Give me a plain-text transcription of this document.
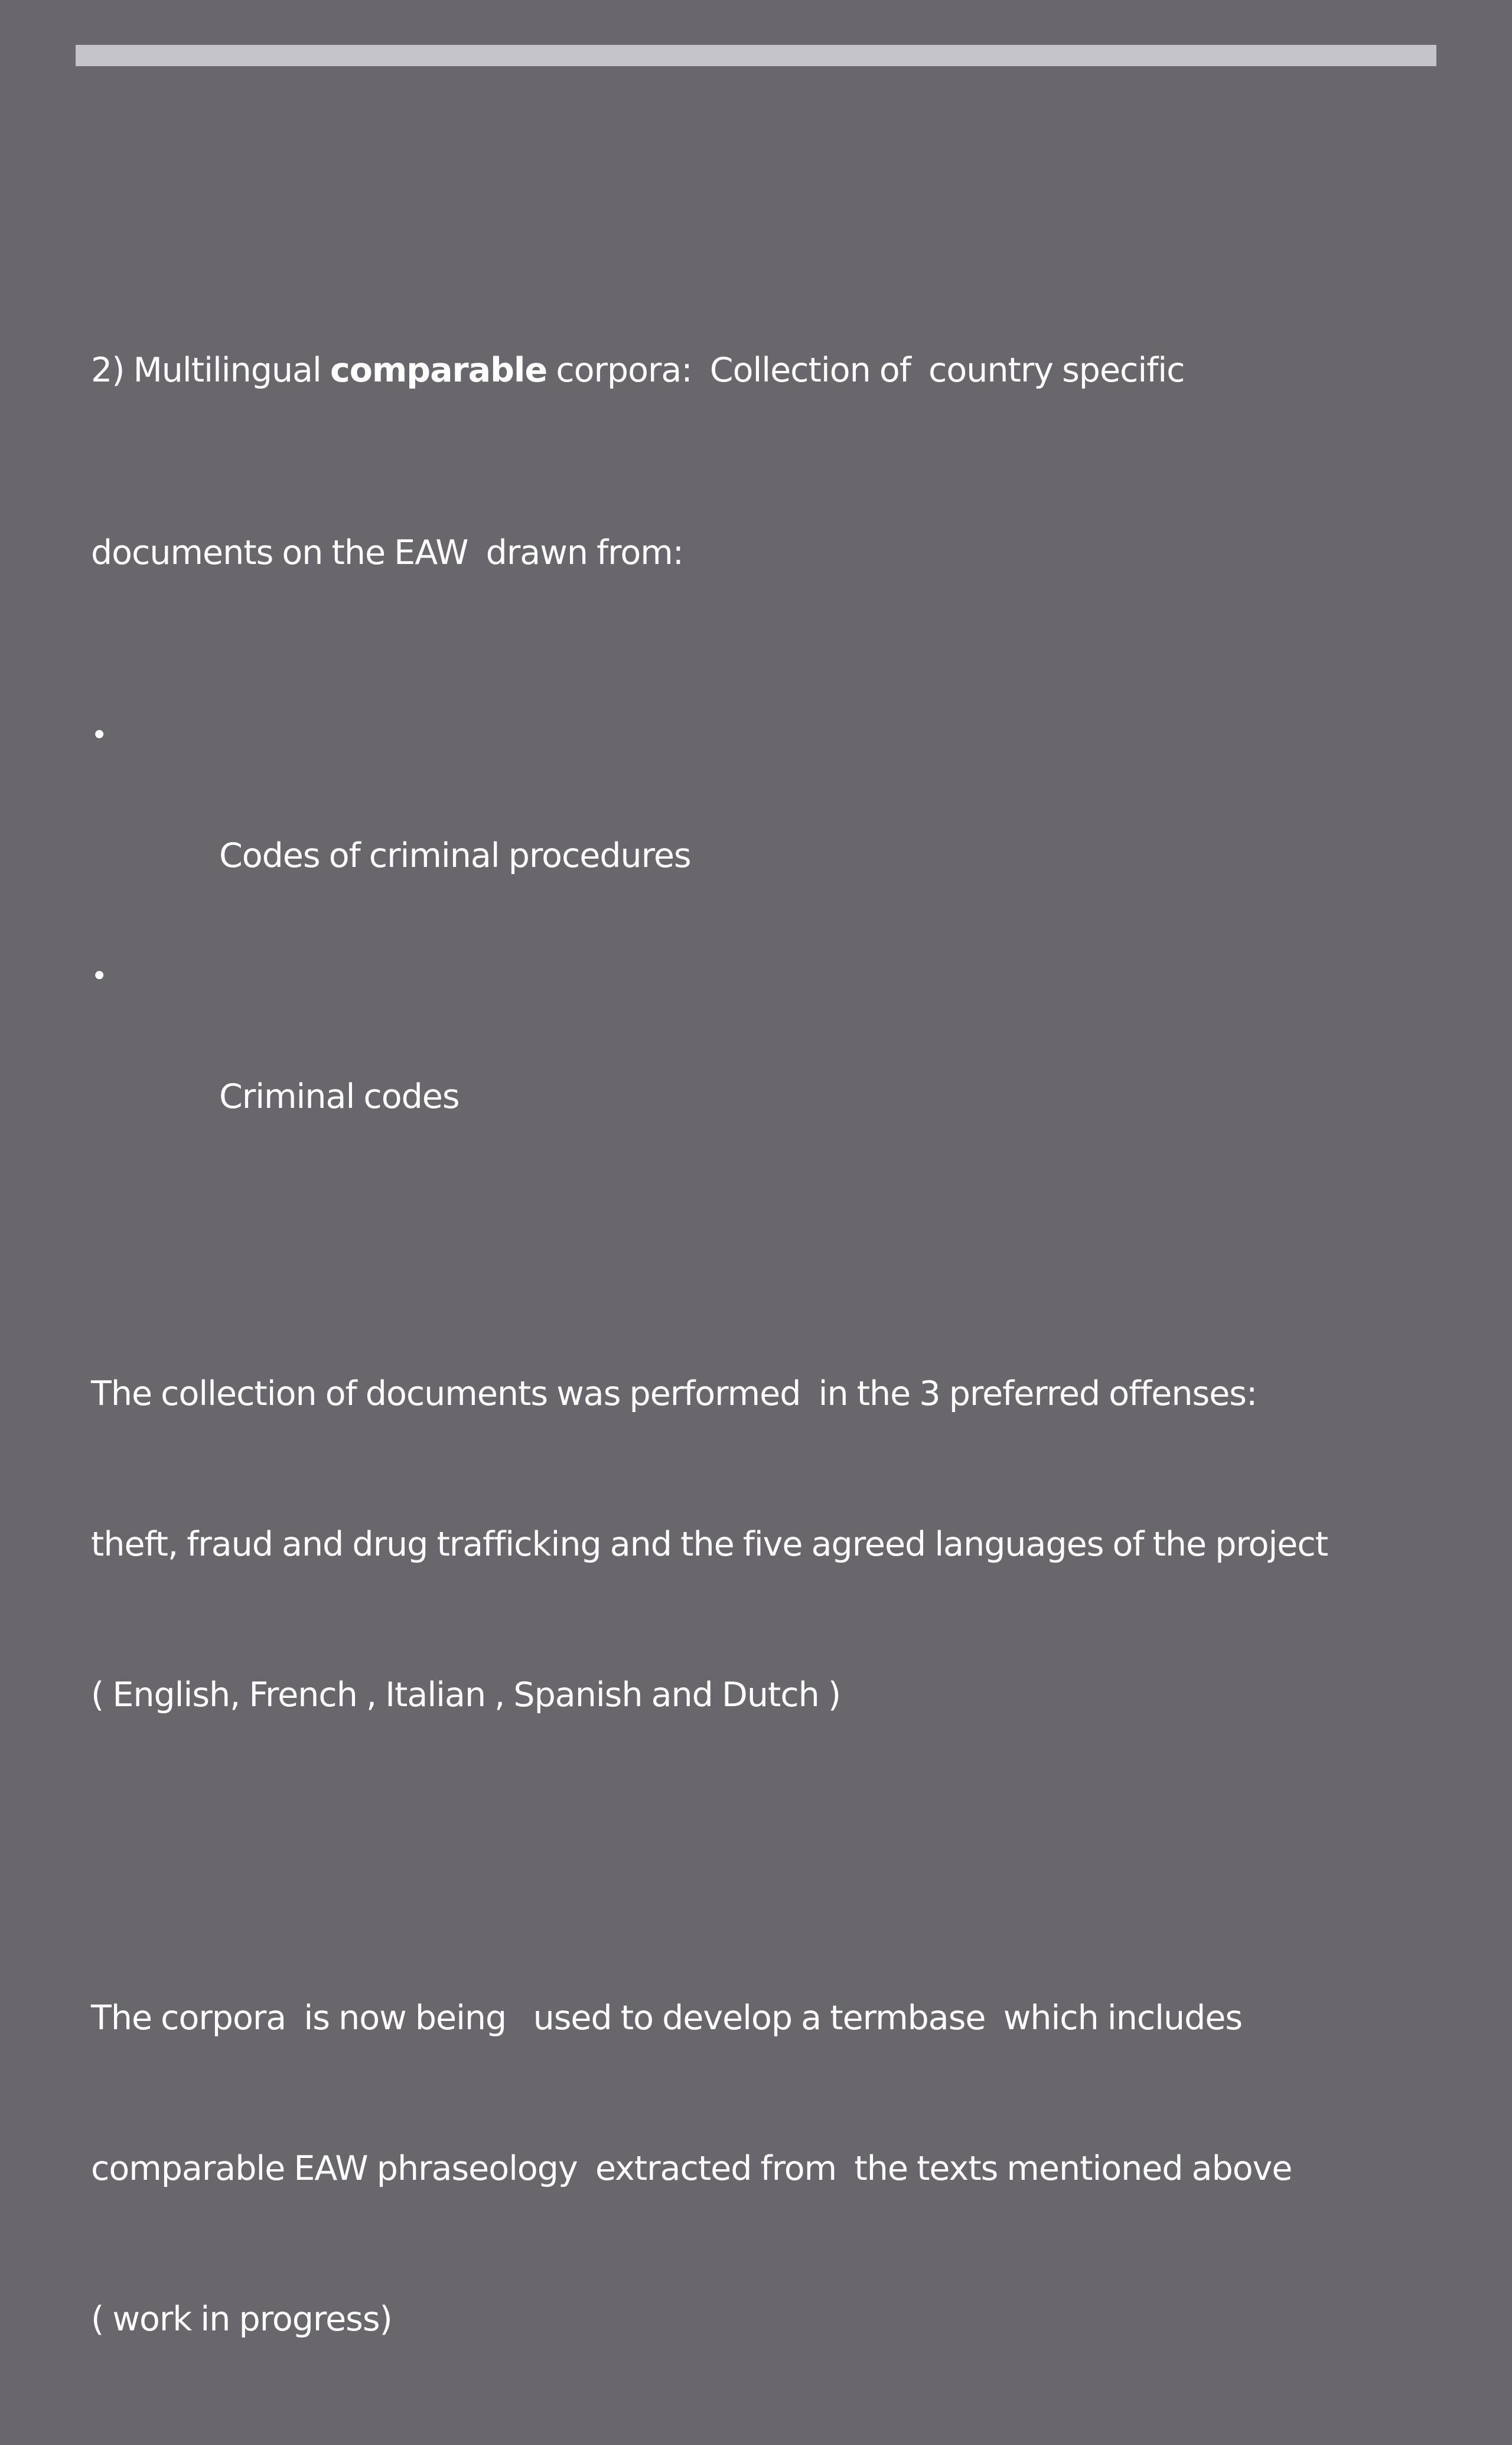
2) Multilingual comparable corpora:  Collection of  country specific

documents on the EAW  drawn from:

•

Codes of criminal procedures

•

Criminal codes

The collection of documents was performed  in the 3 preferred offenses:

theft, fraud and drug trafficking and the five agreed languages of the project

( English, French , Italian , Spanish and Dutch )

The corpora  is now being   used to develop a termbase  which includes

comparable EAW phraseology  extracted from  the texts mentioned above

( work in progress)
